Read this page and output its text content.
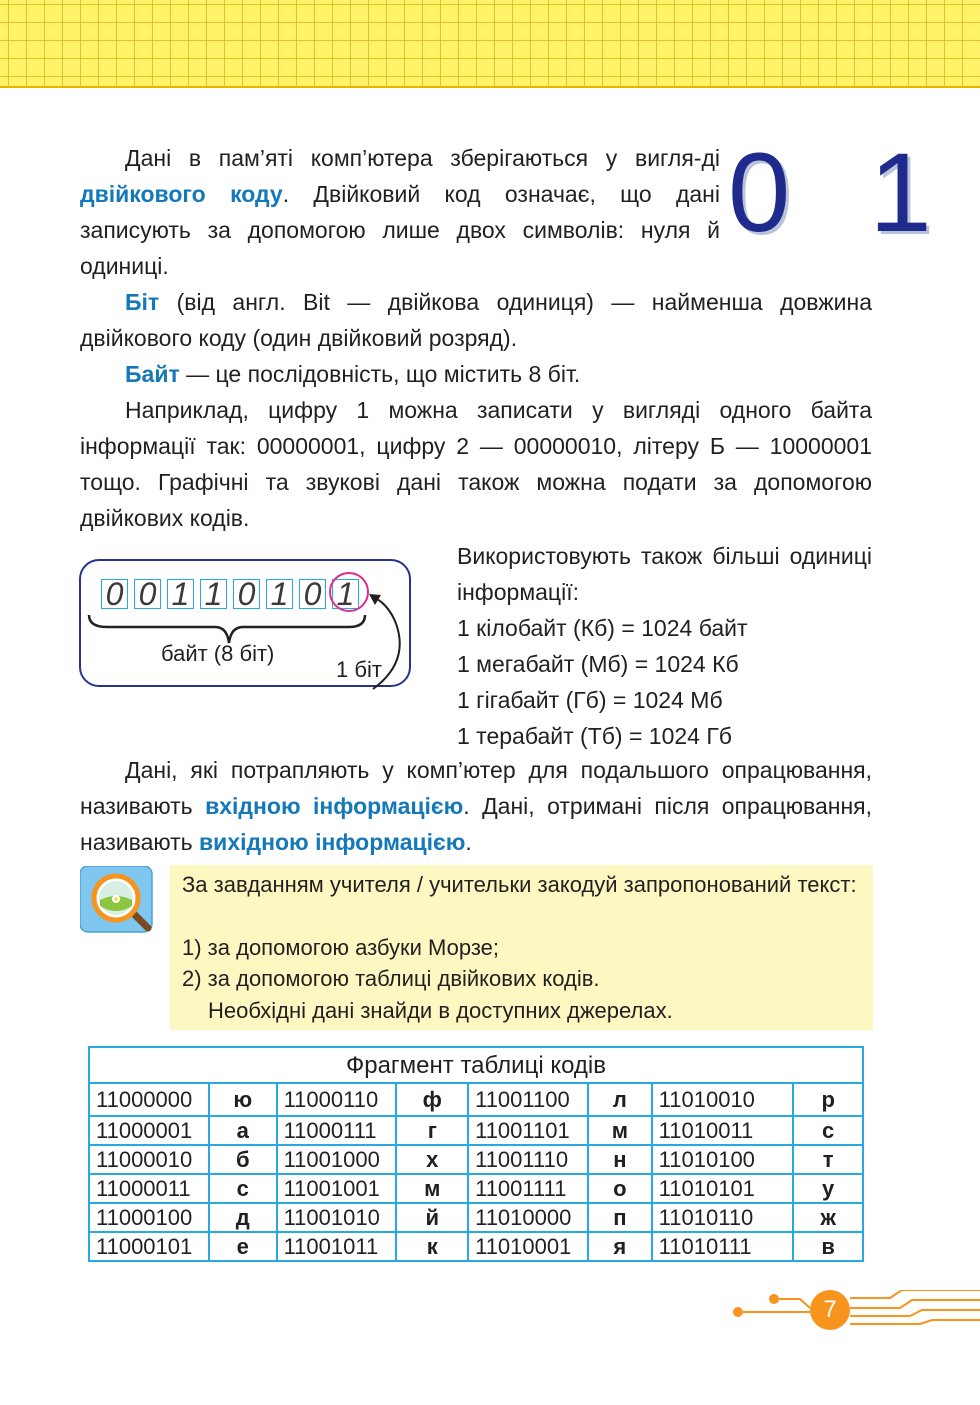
Дані в пам’яті комп’ютера зберігаються у вигля-ді двійкового коду. Двійковий код означає, що дані записують за допомогою лише двох символів: нуля й одиниці.

0 1

Біт (від англ. Bit — двійкова одиниця) — найменша довжина двійкового коду (один двійковий розряд).

Байт — це послідовність, що містить 8 біт.

Наприклад, цифру 1 можна записати у вигляді одного байта інформації так: 00000001, цифру 2 — 00000010, літеру Б — 10000001 тощо. Графічні та звукові дані також можна подати за допомогою двійкових кодів.

0 0 1 1 0 1 0 1
байт (8 біт)
1 біт
Використовують також більші одиниці інформації:
1 кілобайт (Кб) = 1024 байт
1 мегабайт (Мб) = 1024 Кб
1 гігабайт (Гб) = 1024 Мб
1 терабайт (Тб) = 1024 Гб

Дані, які потрапляють у комп’ютер для подальшого опрацювання, називають вхідною інформацією. Дані, отримані після опрацювання, називають вихідною інформацією.

За завданням учителя / учительки закодуй запропонований текст:

1) за допомогою азбуки Морзе;

2) за допомогою таблиці двійкових кодів.

Необхідні дані знайди в доступних джерелах.

Фрагмент таблиці кодів							
11000000	ю	11000110	ф	11001100	л	11010010	р
11000001	а	11000111	г	11001101	м	11010011	с
11000010	б	11001000	х	11001110	н	11010100	т
11000011	с	11001001	м	11001111	о	11010101	у
11000100	д	11001010	й	11010000	п	11010110	ж
11000101	е	11001011	к	11010001	я	11010111	в
7
